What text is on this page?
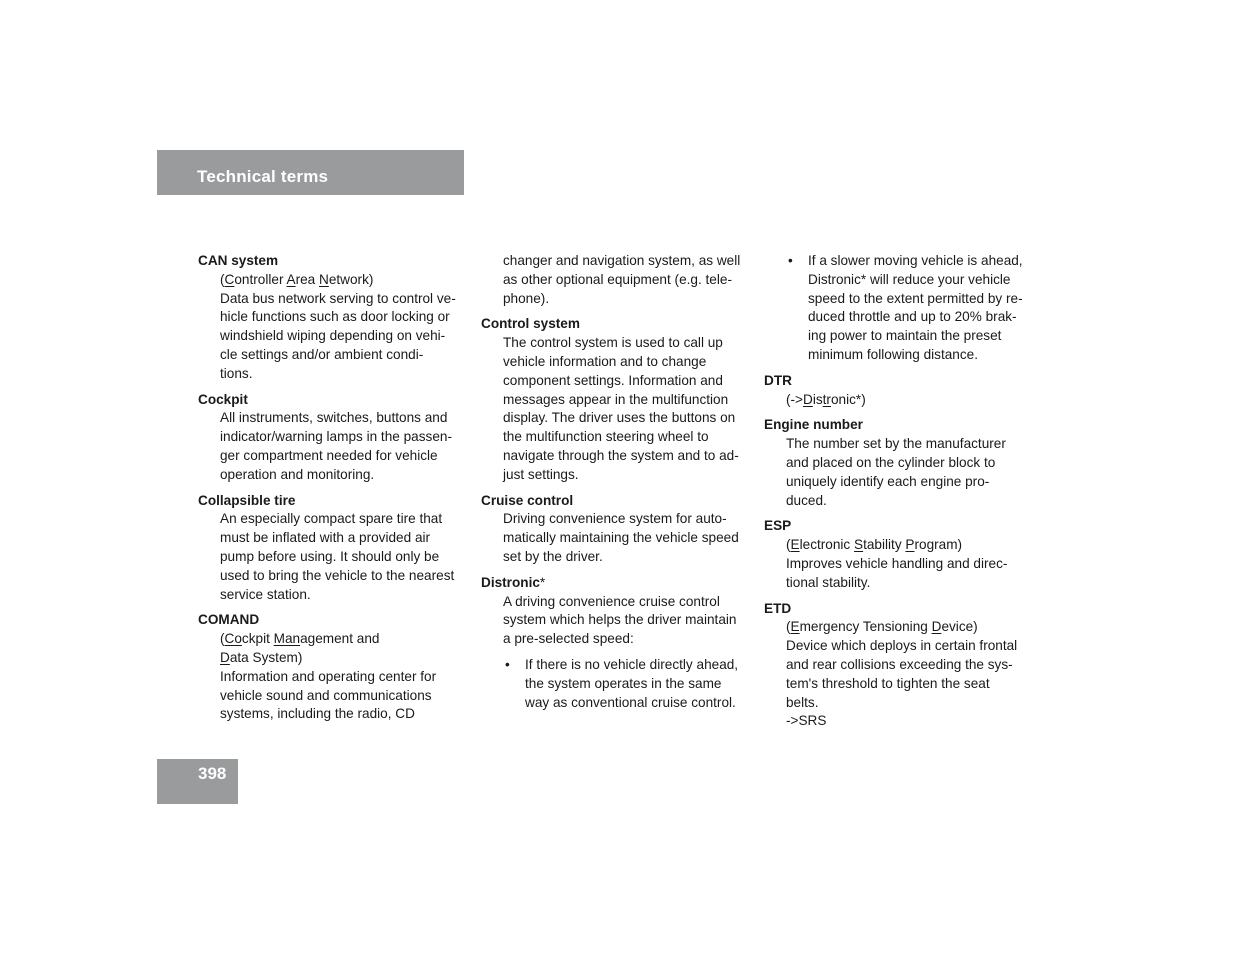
Technical terms
CAN system
(Controller Area Network)
Data bus network serving to control ve-
hicle functions such as door locking or
windshield wiping depending on vehi-
cle settings and/or ambient condi-
tions.
Cockpit
All instruments, switches, buttons and
indicator/warning lamps in the passen-
ger compartment needed for vehicle
operation and monitoring.
Collapsible tire
An especially compact spare tire that
must be inflated with a provided air
pump before using. It should only be
used to bring the vehicle to the nearest
service station.
COMAND
(Cockpit Management and
Data System)
Information and operating center for
vehicle sound and communications
systems, including the radio, CD
changer and navigation system, as well
as other optional equipment (e.g. tele-
phone).
Control system
The control system is used to call up
vehicle information and to change
component settings. Information and
messages appear in the multifunction
display. The driver uses the buttons on
the multifunction steering wheel to
navigate through the system and to ad-
just settings.
Cruise control
Driving convenience system for auto-
matically maintaining the vehicle speed
set by the driver.
Distronic*
A driving convenience cruise control
system which helps the driver maintain
a pre-selected speed:
• If there is no vehicle directly ahead,
the system operates in the same
way as conventional cruise control.
• If a slower moving vehicle is ahead,
Distronic* will reduce your vehicle
speed to the extent permitted by re-
duced throttle and up to 20% brak-
ing power to maintain the preset
minimum following distance.
DTR
(->Distronic*)
Engine number
The number set by the manufacturer
and placed on the cylinder block to
uniquely identify each engine pro-
duced.
ESP
(Electronic Stability Program)
Improves vehicle handling and direc-
tional stability.
ETD
(Emergency Tensioning Device)
Device which deploys in certain frontal
and rear collisions exceeding the sys-
tem's threshold to tighten the seat
belts.
->SRS
398
